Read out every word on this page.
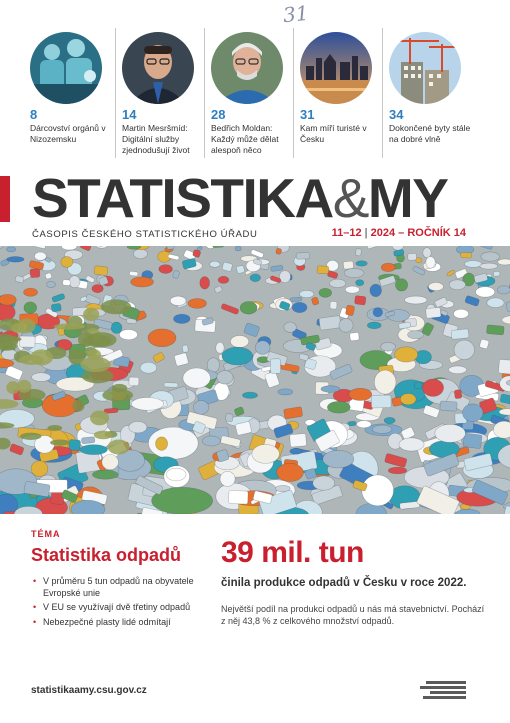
31
8
Dárcovství orgánů v Nizozemsku
14
Martin Mesršmíd: Digitální služby zjednodušují život
28
Bedřich Moldan: Každý může dělat alespoň něco
31
Kam míří turisté v Česku
34
Dokončené byty stále na dobré vlně
STATISTIKA&MY
ČASOPIS ČESKÉHO STATISTICKÉHO ÚŘADU	11–12 | 2024 – ROČNÍK 14
TÉMA
Statistika odpadů
• V průměru 5 tun odpadů na obyvatele Evropské unie
• V EU se využívají dvě třetiny odpadů
• Nebezpečné plasty lidé odmítají
39 mil. tun
činila produkce odpadů v Česku v roce 2022.
Největší podíl na produkci odpadů u nás má stavebnictví. Pochází z něj 43,8 % z celkového množství odpadů.
statistikaamy.csu.gov.cz
